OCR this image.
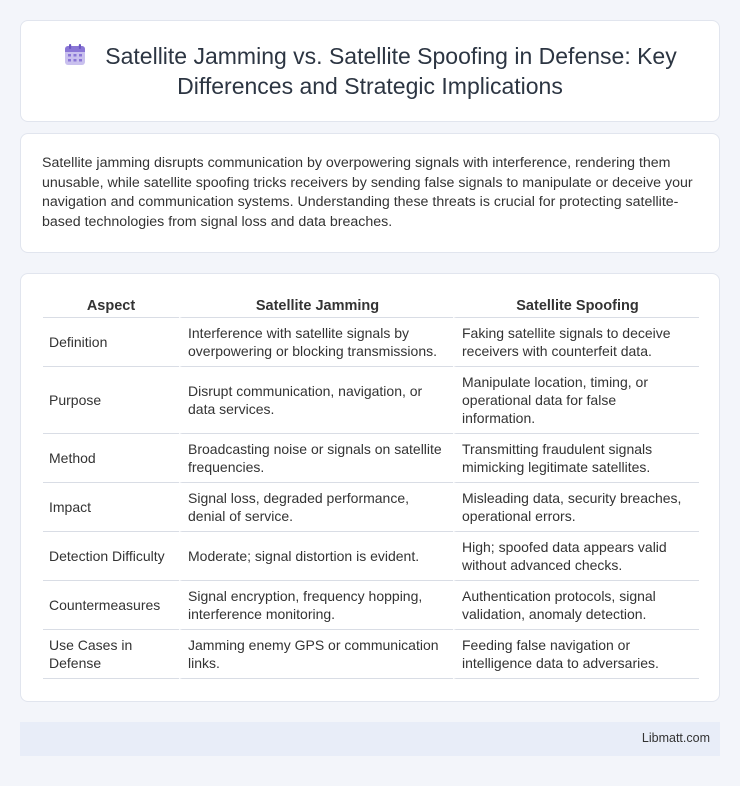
Satellite Jamming vs. Satellite Spoofing in Defense: Key Differences and Strategic Implications

Satellite jamming disrupts communication by overpowering signals with interference, rendering them unusable, while satellite spoofing tricks receivers by sending false signals to manipulate or deceive your navigation and communication systems. Understanding these threats is crucial for protecting satellite-based technologies from signal loss and data breaches.

Aspect	Satellite Jamming	Satellite Spoofing
Definition	Interference with satellite signals by overpowering or blocking transmissions.	Faking satellite signals to deceive receivers with counterfeit data.
Purpose	Disrupt communication, navigation, or data services.	Manipulate location, timing, or operational data for false information.
Method	Broadcasting noise or signals on satellite frequencies.	Transmitting fraudulent signals mimicking legitimate satellites.
Impact	Signal loss, degraded performance, denial of service.	Misleading data, security breaches, operational errors.
Detection Difficulty	Moderate; signal distortion is evident.	High; spoofed data appears valid without advanced checks.
Countermeasures	Signal encryption, frequency hopping, interference monitoring.	Authentication protocols, signal validation, anomaly detection.
Use Cases in Defense	Jamming enemy GPS or communication links.	Feeding false navigation or intelligence data to adversaries.
Libmatt.com
